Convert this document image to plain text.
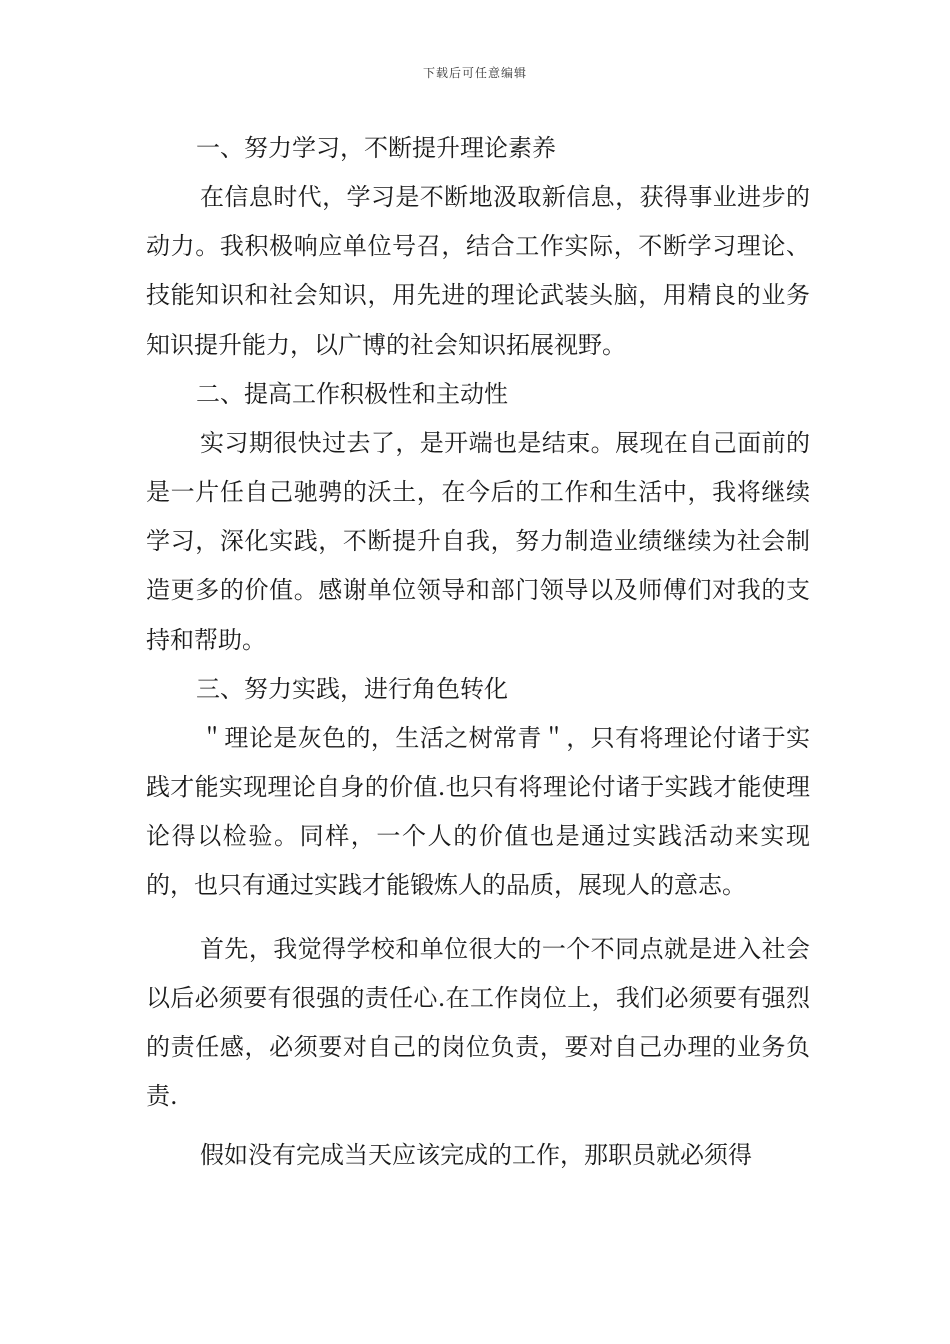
下载后可任意编辑
一、努力学习，不断提升理论素养

在信息时代，学习是不断地汲取新信息，获得事业进步的动力。我积极响应单位号召，结合工作实际，不断学习理论、技能知识和社会知识，用先进的理论武装头脑，用精良的业务知识提升能力，以广博的社会知识拓展视野。

二、提高工作积极性和主动性

实习期很快过去了，是开端也是结束。展现在自己面前的是一片任自己驰骋的沃土，在今后的工作和生活中，我将继续学习，深化实践，不断提升自我，努力制造业绩继续为社会制造更多的价值。感谢单位领导和部门领导以及师傅们对我的支持和帮助。

三、努力实践，进行角色转化

＂理论是灰色的，生活之树常青＂，只有将理论付诸于实践才能实现理论自身的价值.也只有将理论付诸于实践才能使理论得以检验。同样，一个人的价值也是通过实践活动来实现的，也只有通过实践才能锻炼人的品质，展现人的意志。

首先，我觉得学校和单位很大的一个不同点就是进入社会以后必须要有很强的责任心.在工作岗位上，我们必须要有强烈的责任感，必须要对自己的岗位负责，要对自己办理的业务负责.

假如没有完成当天应该完成的工作，那职员就必须得
